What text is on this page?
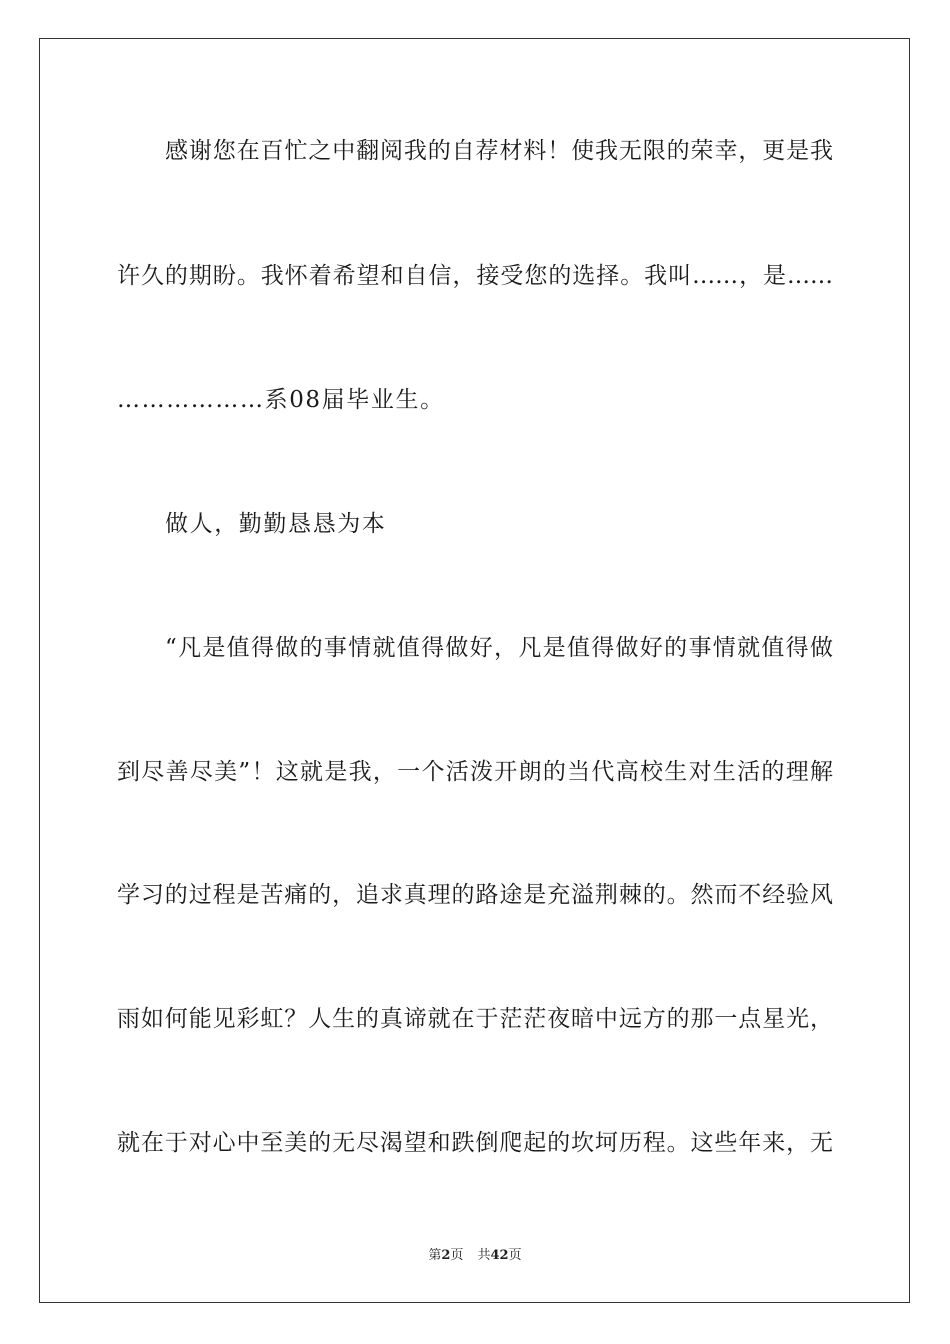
感谢您在百忙之中翻阅我的自荐材料！使我无限的荣幸，更是我
许久的期盼。我怀着希望和自信，接受您的选择。我叫……，是……
………………系08届毕业生。
做人，勤勤恳恳为本
“凡是值得做的事情就值得做好，凡是值得做好的事情就值得做
到尽善尽美”！这就是我，一个活泼开朗的当代高校生对生活的理解
学习的过程是苦痛的，追求真理的路途是充溢荆棘的。然而不经验风
雨如何能见彩虹？人生的真谛就在于茫茫夜暗中远方的那一点星光，
就在于对心中至美的无尽渴望和跌倒爬起的坎坷历程。这些年来，无
第2页 共42页
